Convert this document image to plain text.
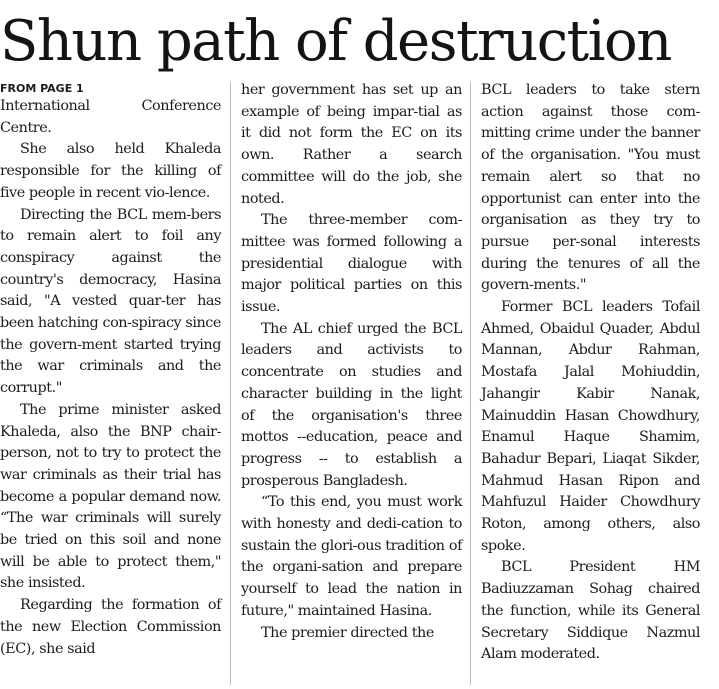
Shun path of destruction
FROM PAGE 1

International Conference Centre.

She also held Khaleda responsible for the killing of five people in recent vio-lence.

Directing the BCL mem-bers to remain alert to foil any conspiracy against the country's democracy, Hasina said, "A vested quar-ter has been hatching con-spiracy since the govern-ment started trying the war criminals and the corrupt."

The prime minister asked Khaleda, also the BNP chair-person, not to try to protect the war criminals as their trial has become a popular demand now. “The war criminals will surely be tried on this soil and none will be able to protect them," she insisted.

Regarding the formation of the new Election Commission (EC), she said

her government has set up an example of being impar-tial as it did not form the EC on its own. Rather a search committee will do the job, she noted.

The three-member com-mittee was formed following a presidential dialogue with major political parties on this issue.

The AL chief urged the BCL leaders and activists to concentrate on studies and character building in the light of the organisation's three mottos --education, peace and progress -- to establish a prosperous Bangladesh.

“To this end, you must work with honesty and dedi-cation to sustain the glori-ous tradition of the organi-sation and prepare yourself to lead the nation in future," maintained Hasina.

The premier directed the

BCL leaders to take stern action against those com-mitting crime under the banner of the organisation. "You must remain alert so that no opportunist can enter into the organisation as they try to pursue per-sonal interests during the tenures of all the govern-ments."

Former BCL leaders Tofail Ahmed, Obaidul Quader, Abdul Mannan, Abdur Rahman, Mostafa Jalal Mohiuddin, Jahangir Kabir Nanak, Mainuddin Hasan Chowdhury, Enamul Haque Shamim, Bahadur Bepari, Liaqat Sikder, Mahmud Hasan Ripon and Mahfuzul Haider Chowdhury Roton, among others, also spoke.

BCL President HM Badiuzzaman Sohag chaired the function, while its General Secretary Siddique Nazmul Alam moderated.
